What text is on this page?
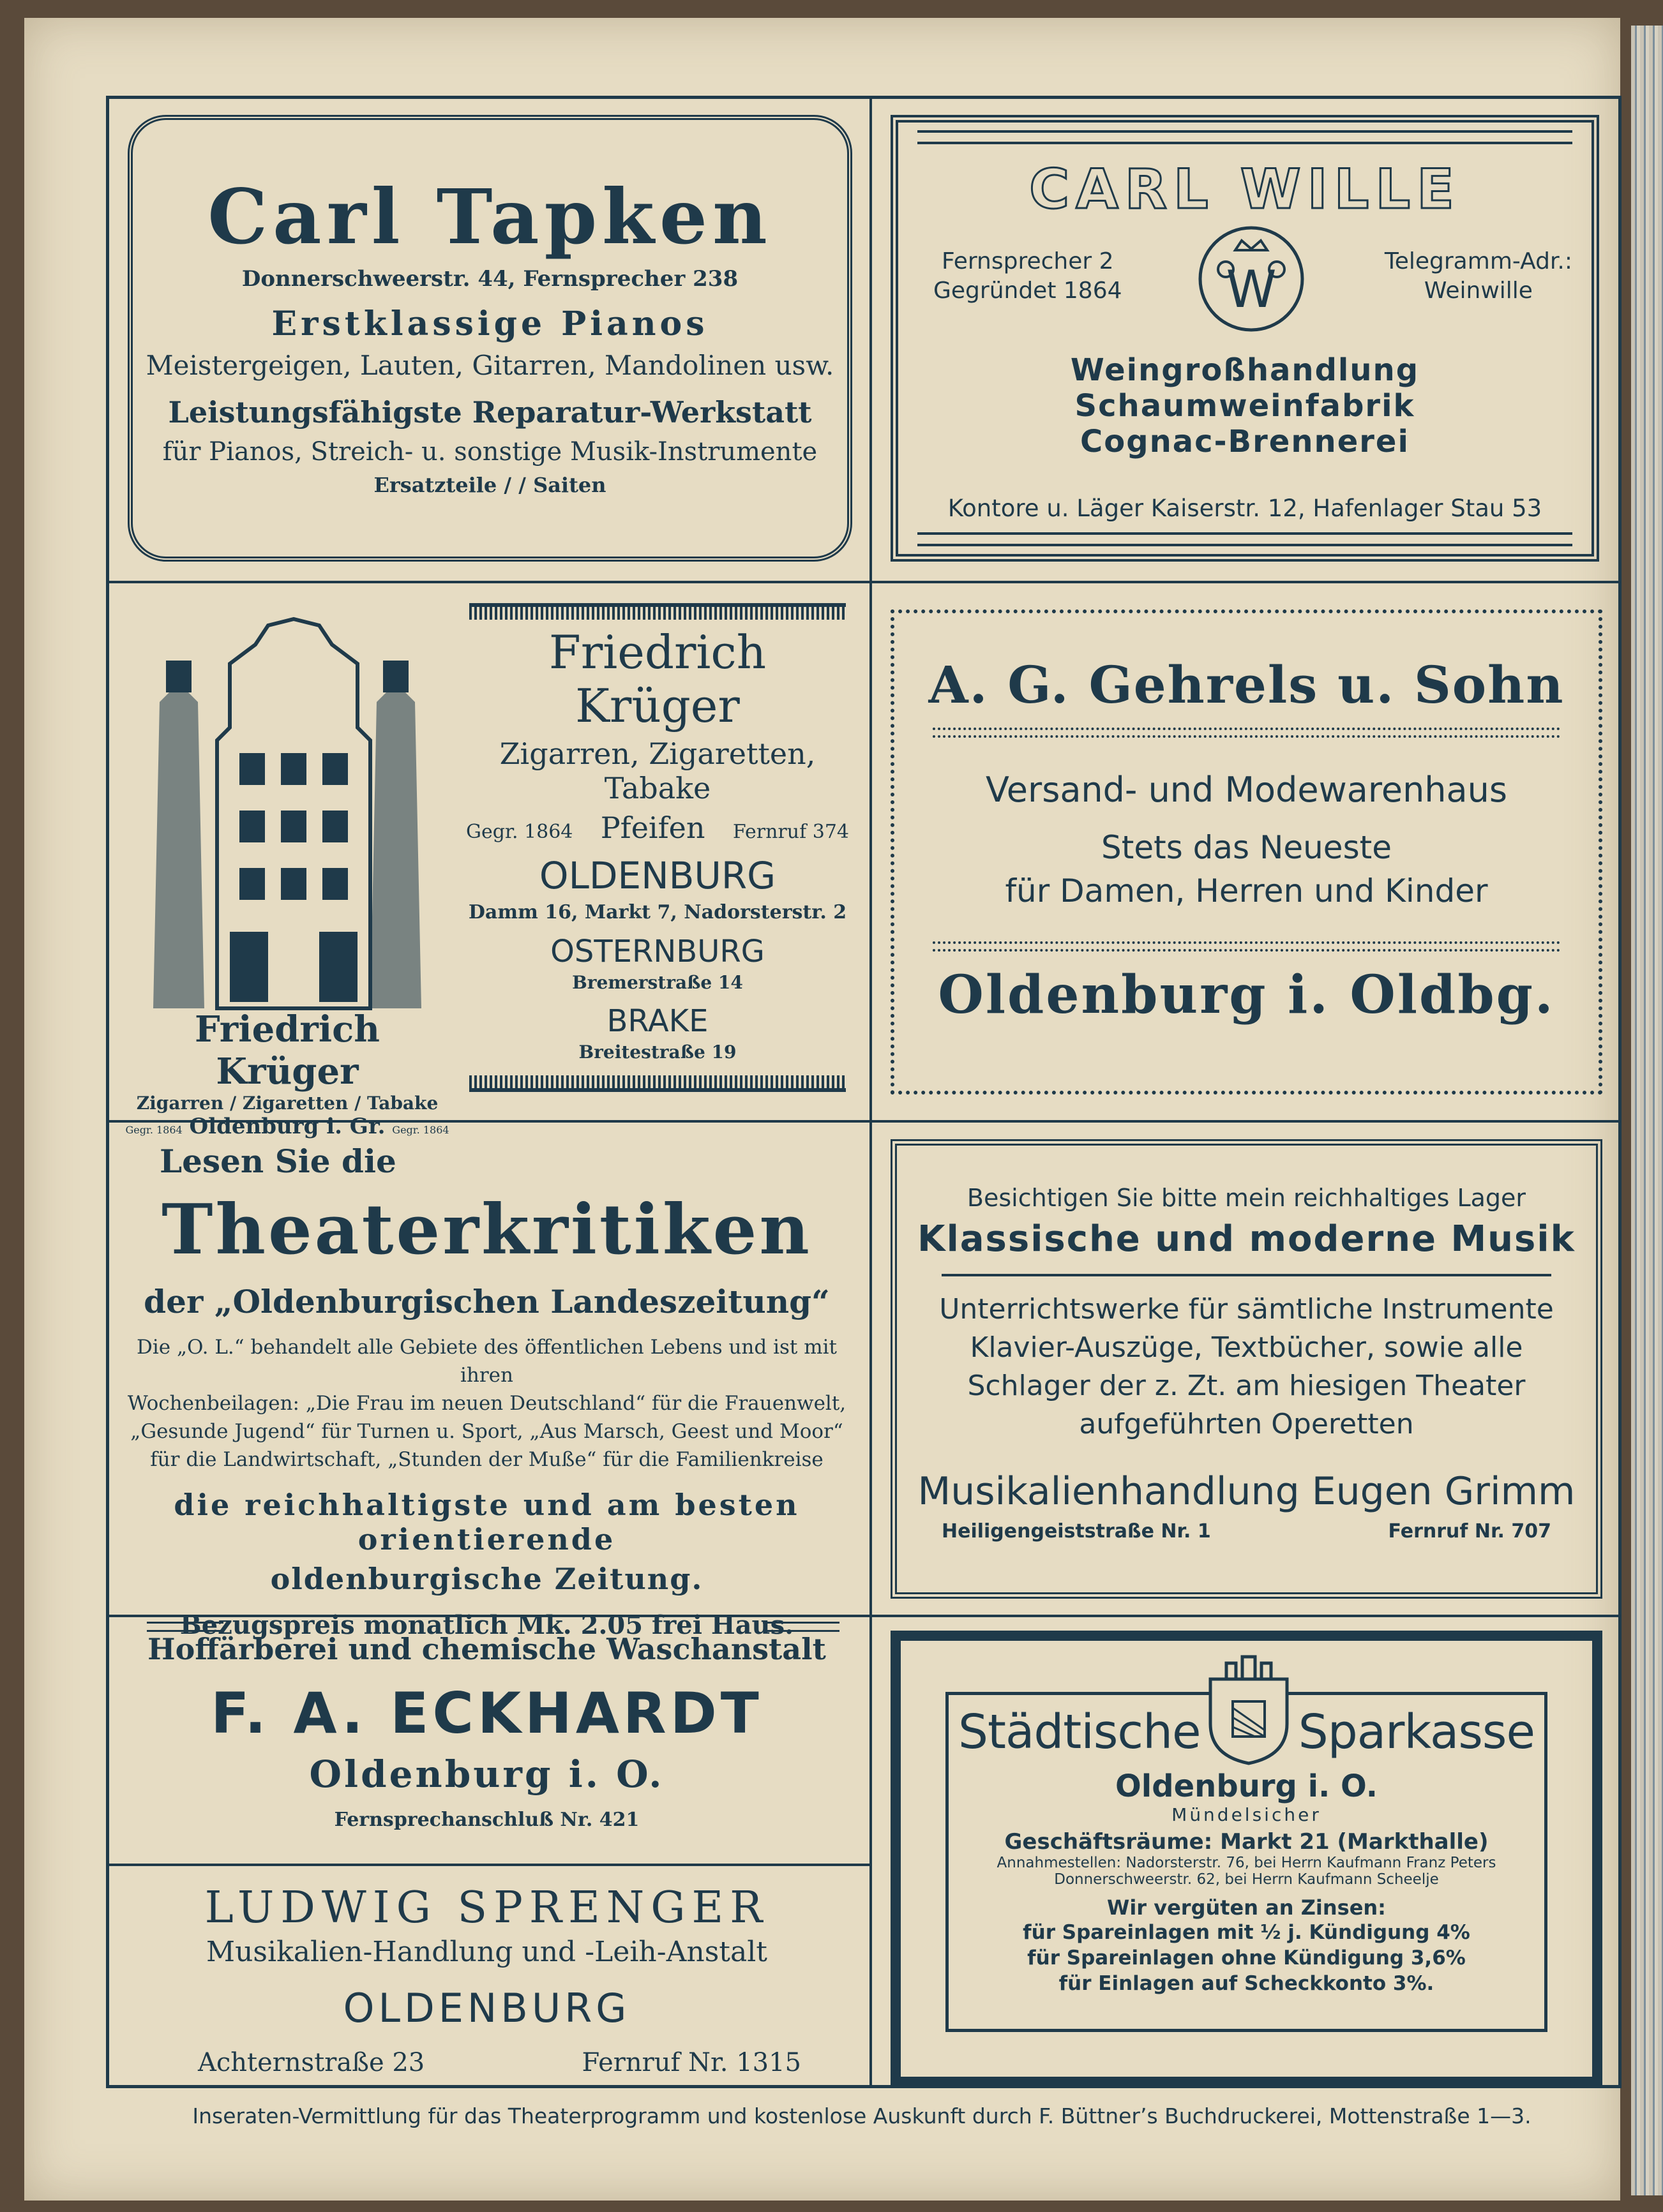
Carl Tapken

Donnerschweerstr. 44, Fernsprecher 238

Erstklassige Pianos

Meistergeigen, Lauten, Gitarren, Mandolinen usw.

Leistungsfähigste Reparatur-Werkstatt

für Pianos, Streich- u. sonstige Musik-Instrumente

Ersatzteile / / Saiten

CARL WILLE

Fernsprecher 2

Gegründet 1864	W	Telegramm-Adr.:

Weinwille

Weingroßhandlung

Schaumweinfabrik

Cognac-Brennerei

Kontore u. Läger Kaiserstr. 12, Hafenlager Stau 53

Friedrich Krüger

Zigarren / Zigaretten / Tabake

Gegr. 1864 Oldenburg i. Gr. Gegr. 1864

Friedrich Krüger

Zigarren, Zigaretten, Tabake

Gegr. 1864 Pfeifen Fernruf 374

OLDENBURG

Damm 16, Markt 7, Nadorsterstr. 2

OSTERNBURG

Bremerstraße 14

BRAKE

Breitestraße 19

A. G. Gehrels u. Sohn

Versand- und Modewarenhaus

Stets das Neueste

für Damen, Herren und Kinder

Oldenburg i. Oldbg.

Lesen Sie die

Theaterkritiken

der „Oldenburgischen Landeszeitung“

Die „O. L.“ behandelt alle Gebiete des öffentlichen Lebens und ist mit ihren

Wochenbeilagen: „Die Frau im neuen Deutschland“ für die Frauenwelt,

„Gesunde Jugend“ für Turnen u. Sport, „Aus Marsch, Geest und Moor“

für die Landwirtschaft, „Stunden der Muße“ für die Familienkreise

die reichhaltigste und am besten orientierende

oldenburgische Zeitung.

Bezugspreis monatlich Mk. 2.05 frei Haus.

Besichtigen Sie bitte mein reichhaltiges Lager

Klassische und moderne Musik

Unterrichtswerke für sämtliche Instrumente

Klavier-Auszüge, Textbücher, sowie alle

Schlager der z. Zt. am hiesigen Theater

aufgeführten Operetten

Musikalienhandlung Eugen Grimm

Heiligengeiststraße Nr. 1	Fernruf Nr. 707

Hoffärberei und chemische Waschanstalt

F. A. ECKHARDT

Oldenburg i. O.

Fernsprechanschluß Nr. 421

LUDWIG SPRENGER

Musikalien-Handlung und -Leih-Anstalt

OLDENBURG

Achternstraße 23	Fernruf Nr. 1315
Städtische Sparkasse

Oldenburg i. O.

Mündelsicher

Geschäftsräume: Markt 21 (Markthalle)

Annahmestellen: Nadorsterstr. 76, bei Herrn Kaufmann Franz Peters

Donnerschweerstr. 62, bei Herrn Kaufmann Scheelje

Wir vergüten an Zinsen:

für Spareinlagen mit ½ j. Kündigung 4%

für Spareinlagen ohne Kündigung 3,6%

für Einlagen auf Scheckkonto 3%.

Inseraten-Vermittlung für das Theaterprogramm und kostenlose Auskunft durch F. Büttner’s Buchdruckerei, Mottenstraße 1—3.
